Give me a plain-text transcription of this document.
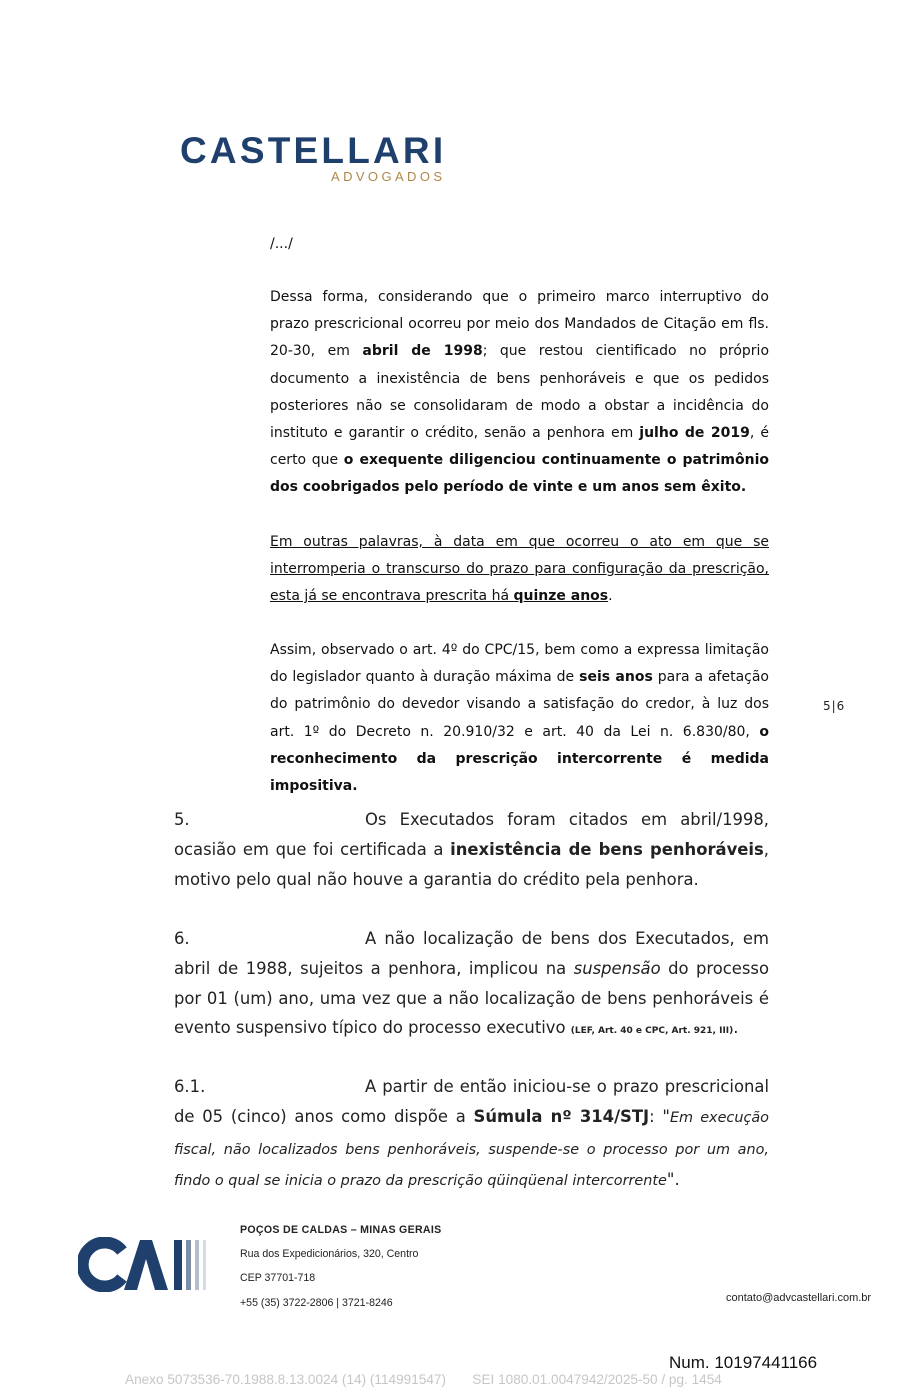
CASTELLARI
ADVOGADOS
/.../
Dessa forma, considerando que o primeiro marco interruptivo do prazo prescricional ocorreu por meio dos Mandados de Citação em fls. 20-30, em abril de 1998; que restou cientificado no próprio documento a inexistência de bens penhoráveis e que os pedidos posteriores não se consolidaram de modo a obstar a incidência do instituto e garantir o crédito, senão a penhora em julho de 2019, é certo que o exequente diligenciou continuamente o patrimônio dos coobrigados pelo período de vinte e um anos sem êxito.
Em outras palavras, à data em que ocorreu o ato em que se interromperia o transcurso do prazo para configuração da prescrição, esta já se encontrava prescrita há quinze anos.
Assim, observado o art. 4º do CPC/15, bem como a expressa limitação do legislador quanto à duração máxima de seis anos para a afetação do patrimônio do devedor visando a satisfação do credor, à luz dos art. 1º do Decreto n. 20.910/32 e art. 40 da Lei n. 6.830/80, o reconhecimento da prescrição intercorrente é medida impositiva.
5|6
5.	Os Executados foram citados em abril/1998, ocasião em que foi certificada a inexistência de bens penhoráveis, motivo pelo qual não houve a garantia do crédito pela penhora.
6.	A não localização de bens dos Executados, em abril de 1988, sujeitos a penhora, implicou na suspensão do processo por 01 (um) ano, uma vez que a não localização de bens penhoráveis é evento suspensivo típico do processo executivo (LEF, Art. 40 e CPC, Art. 921, III).
6.1.	A partir de então iniciou-se o prazo prescricional de 05 (cinco) anos como dispõe a Súmula nº 314/STJ: "Em execução fiscal, não localizados bens penhoráveis, suspende-se o processo por um ano, findo o qual se inicia o prazo da prescrição qüinqüenal intercorrente".
POÇOS DE CALDAS – MINAS GERAIS
Rua dos Expedicionários, 320, Centro
CEP 37701-718
+55 (35) 3722-2806 | 3721-8246	contato@advcastellari.com.br
Num. 10197441166
Anexo 5073536-70.1988.8.13.0024 (14) (114991547)       SEI 1080.01.0047942/2025-50 / pg. 1454
